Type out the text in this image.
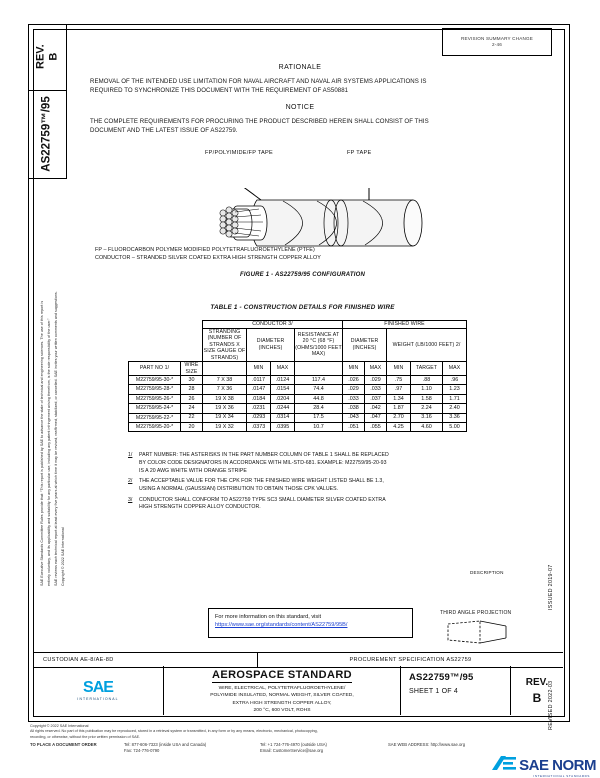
REV. B
AS22759™/95
SAE Executive Standards Committee Rules provide that: “This report is published by SAE to advance the state of technical and engineering sciences. The use of this report is entirely voluntary, and its applicability and suitability for any particular use, including any patent infringement arising therefrom, is the sole responsibility of the user.” SAE reviews each technical report at least every five years at which time it may be revised, reaffirmed, stabilized, or cancelled. SAE invites your written comments and suggestions. Copyright © 2022 SAE International
REVISION SUMMARY CHANGE
2-46
RATIONALE
REMOVAL OF THE INTENDED USE LIMITATION FOR NAVAL AIRCRAFT AND NAVAL AIR SYSTEMS APPLICATIONS IS
REQUIRED TO SYNCHRONIZE THIS DOCUMENT WITH THE REQUIREMENT OF AS50881
NOTICE
THE COMPLETE REQUIREMENTS FOR PROCURING THE PRODUCT DESCRIBED HEREIN SHALL CONSIST OF THIS
DOCUMENT AND THE LATEST ISSUE OF AS22759.
FP/POLYIMIDE/FP TAPE	FP TAPE
FP – FLUOROCARBON POLYMER MODIFIED POLYTETRAFLUOROETHYLENE (PTFE)
CONDUCTOR – STRANDED SILVER COATED EXTRA HIGH STRENGTH COPPER ALLOY
FIGURE 1 - AS22759/95 CONFIGURATION
TABLE 1 - CONSTRUCTION DETAILS FOR FINISHED WIRE
		CONDUCTOR 3/				FINISHED WIRE				
		STRANDING (NUMBER OF STRANDS X SIZE GAUGE OF STRANDS)	DIAMETER (INCHES)		RESISTANCE AT 20 °C (68 °F) (OHMS/1000 FEET MAX)	DIAMETER (INCHES)		WEIGHT (LB/1000 FEET) 2/		

PART NO 1/	WIRE SIZE		MIN	MAX		MIN	MAX	MIN	TARGET	MAX
M22759/95-30-*	30	7 X 38	.0117	.0124	117.4	.026	.029	.75	.88	.96
M22759/95-28-*	28	7 X 36	.0147	.0154	74.4	.029	.033	.97	1.10	1.23
M22759/95-26-*	26	19 X 38	.0184	.0204	44.8	.033	.037	1.34	1.58	1.71
M22759/95-24-*	24	19 X 36	.0231	.0244	28.4	.038	.042	1.87	2.24	2.40
M22759/95-22-*	22	19 X 34	.0293	.0314	17.5	.043	.047	2.70	3.16	3.36
M22759/95-20-*	20	19 X 32	.0373	.0395	10.7	.051	.055	4.25	4.60	5.00
1/	PART NUMBER: THE ASTERISKS IN THE PART NUMBER COLUMN OF TABLE 1 SHALL BE REPLACED
BY COLOR CODE DESIGNATORS IN ACCORDANCE WITH MIL-STD-681. EXAMPLE: M22759/95-20-93
IS A 20 AWG WHITE WITH ORANGE STRIPE
2/	THE ACCEPTABLE VALUE FOR THE CPK FOR THE FINISHED WIRE WEIGHT LISTED SHALL BE 1.3,
USING A NORMAL (GAUSSIAN) DISTRIBUTION TO OBTAIN THOSE CPK VALUES.
3/	CONDUCTOR SHALL CONFORM TO AS22759 TYPE SC3 SMALL DIAMETER SILVER COATED EXTRA
HIGH STRENGTH COPPER ALLOY CONDUCTOR.
For more information on this standard, visit
https://www.sae.org/standards/content/AS22759/95B/
THIRD ANGLE PROJECTION
ISSUED 2019-07
REVISED 2022-03
DESCRIPTION
CUSTODIAN AE-8/AE-8D	PROCUREMENT SPECIFICATION AS22759
SAE
INTERNATIONAL
AEROSPACE STANDARD
WIRE, ELECTRICAL, POLYTETRAFLUOROETHYLENE/
POLYIMIDE INSULATED, NORMAL WEIGHT, SILVER COATED,
EXTRA HIGH STRENGTH COPPER ALLOY,
200 °C, 600 VOLT, ROHS
AS22759™/95
SHEET 1 OF 4
REV.
B
Copyright © 2022 SAE International
All rights reserved. No part of this publication may be reproduced, stored in a retrieval system or transmitted, in any form or by any means, electronic, mechanical, photocopying,
recording, or otherwise, without the prior written permission of SAE.
TO PLACE A DOCUMENT ORDER	Tel: 877-606-7323 (inside USA and Canada)
Fax: 724-776-0790
Tel: +1 724-776-4970 (outside USA)
Email: CustomerService@sae.org
SAE WEB ADDRESS: http://www.sae.org
SAE NORM
INTERNATIONAL STANDARDS
